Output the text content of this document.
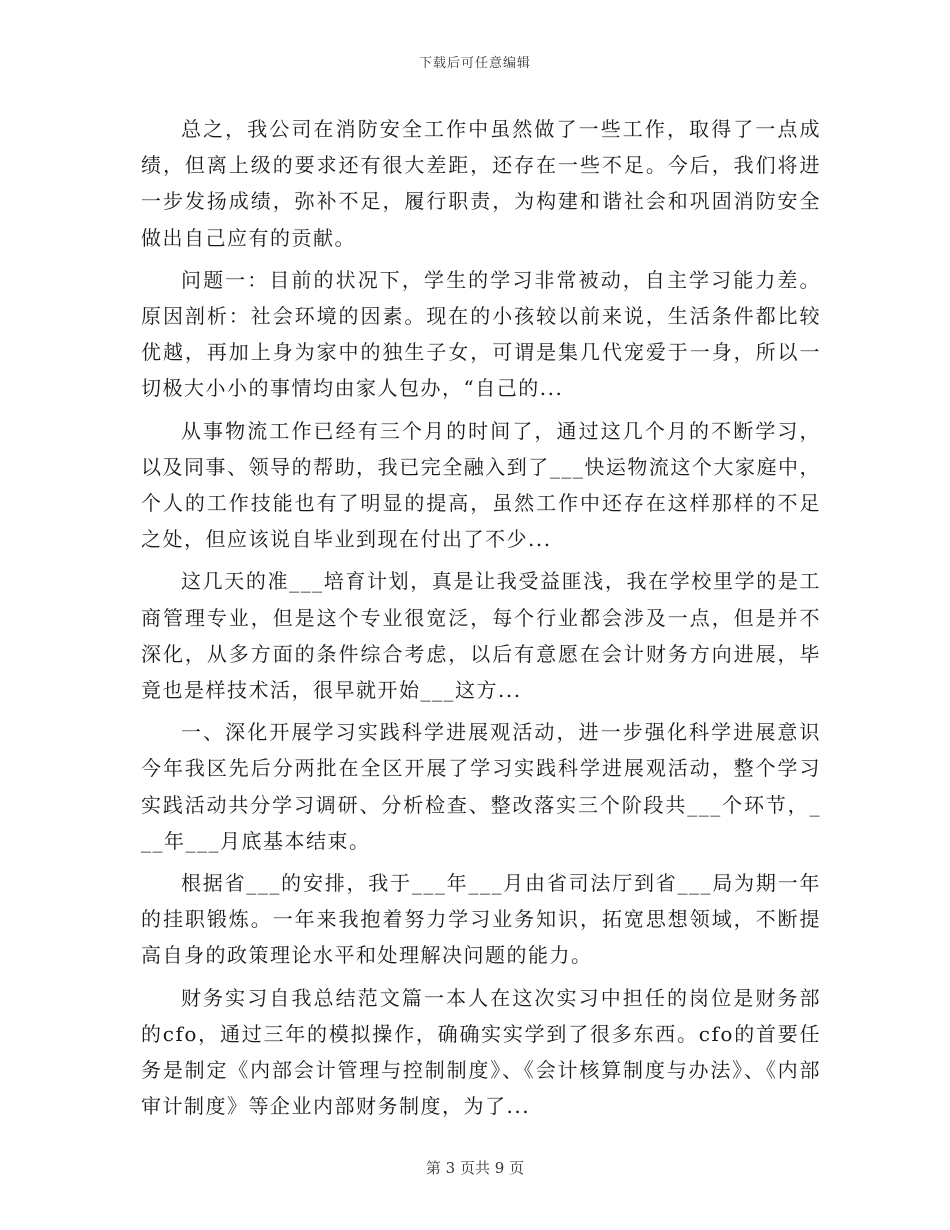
下载后可任意编辑

总之，我公司在消防安全工作中虽然做了一些工作，取得了一点成绩，但离上级的要求还有很大差距，还存在一些不足。今后，我们将进一步发扬成绩，弥补不足，履行职责，为构建和谐社会和巩固消防安全做出自己应有的贡献。

问题一：目前的状况下，学生的学习非常被动，自主学习能力差。原因剖析：社会环境的因素。现在的小孩较以前来说，生活条件都比较优越，再加上身为家中的独生子女，可谓是集几代宠爱于一身，所以一切极大小小的事情均由家人包办，“自己的...

从事物流工作已经有三个月的时间了，通过这几个月的不断学习，以及同事、领导的帮助，我已完全融入到了___快运物流这个大家庭中，个人的工作技能也有了明显的提高，虽然工作中还存在这样那样的不足之处，但应该说自毕业到现在付出了不少...

这几天的准___培育计划，真是让我受益匪浅，我在学校里学的是工商管理专业，但是这个专业很宽泛，每个行业都会涉及一点，但是并不深化，从多方面的条件综合考虑，以后有意愿在会计财务方向进展，毕竟也是样技术活，很早就开始___这方...

一、深化开展学习实践科学进展观活动，进一步强化科学进展意识今年我区先后分两批在全区开展了学习实践科学进展观活动，整个学习实践活动共分学习调研、分析检查、整改落实三个阶段共___个环节，___年___月底基本结束。

根据省___的安排，我于___年___月由省司法厅到省___局为期一年的挂职锻炼。一年来我抱着努力学习业务知识，拓宽思想领域，不断提高自身的政策理论水平和处理解决问题的能力。

财务实习自我总结范文篇一本人在这次实习中担任的岗位是财务部的cfo，通过三年的模拟操作，确确实实学到了很多东西。cfo的首要任务是制定《内部会计管理与控制制度》、《会计核算制度与办法》、《内部审计制度》等企业内部财务制度，为了...

第 3 页共 9 页
